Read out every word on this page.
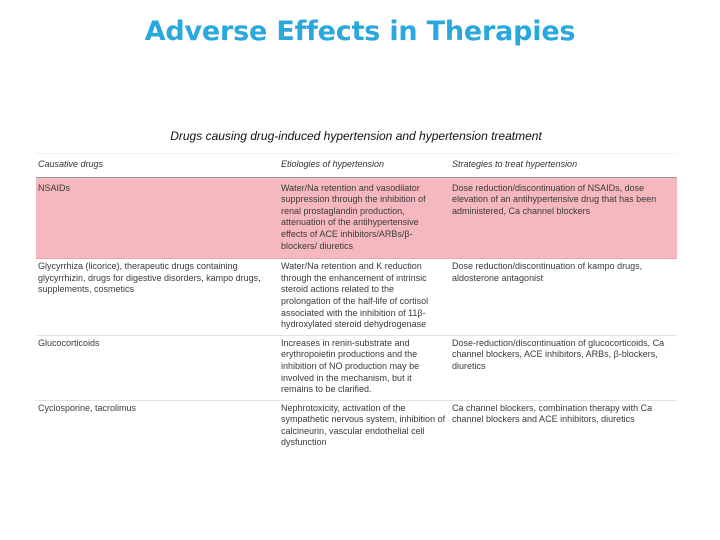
Adverse Effects in Therapies
Drugs causing drug-induced hypertension and hypertension treatment
Causative drugs	Etiologies of hypertension	Strategies to treat hypertension
NSAIDs	Water/Na retention and vasodilator suppression through the inhibition of renal prostaglandin production, attenuation of the antihypertensive effects of ACE inhibitors/ARBs/β-blockers/ diuretics	Dose reduction/discontinuation of NSAIDs, dose elevation of an antihypertensive drug that has been administered, Ca channel blockers
Glycyrrhiza (licorice), therapeutic drugs containing glycyrrhizin, drugs for digestive disorders, kampo drugs, supplements, cosmetics	Water/Na retention and K reduction through the enhancement of intrinsic steroid actions related to the prolongation of the half-life of cortisol associated with the inhibition of 11β-hydroxylated steroid dehydrogenase	Dose reduction/discontinuation of kampo drugs, aldosterone antagonist
Glucocorticoids	Increases in renin-substrate and erythropoietin productions and the inhibition of NO production may be involved in the mechanism, but it remains to be clarified.	Dose-reduction/discontinuation of glucocorticoids, Ca channel blockers, ACE inhibitors, ARBs, β-blockers, diuretics
Cyclosporine, tacrolimus	Nephrotoxicity, activation of the sympathetic nervous system, inhibition of calcineurin, vascular endothelial cell dysfunction	Ca channel blockers, combination therapy with Ca channel blockers and ACE inhibitors, diuretics
